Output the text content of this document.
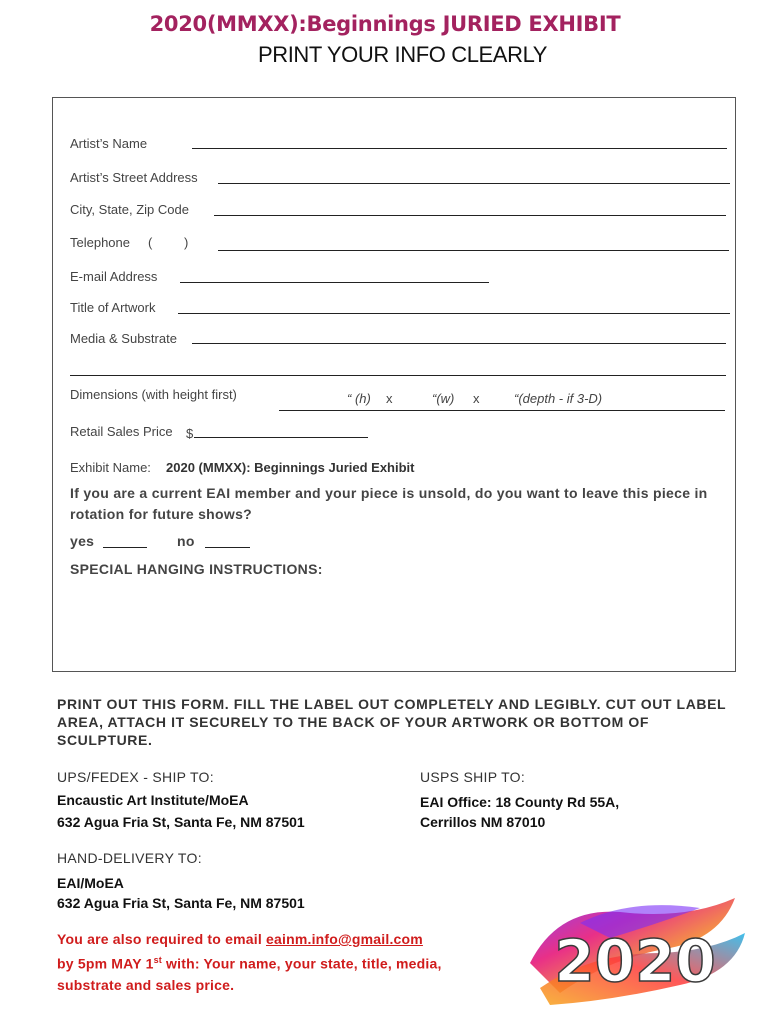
2020(MMXX):Beginnings JURIED EXHIBIT
PRINT YOUR INFO CLEARLY
Artist’s Name
Artist’s Street Address
City, State, Zip Code
Telephone ( )
E-mail Address
Title of Artwork
Media & Substrate
Dimensions (with height first)	“ (h) x	“(w) x	“(depth - if 3-D)
Retail Sales Price $
Exhibit Name: 2020 (MMXX): Beginnings Juried Exhibit
If you are a current EAI member and your piece is unsold, do you want to leave this piece in rotation for future shows?
yes	no
SPECIAL HANGING INSTRUCTIONS:
PRINT OUT THIS FORM. FILL THE LABEL OUT COMPLETELY AND LEGIBLY. CUT OUT LABEL AREA, ATTACH IT SECURELY TO THE BACK OF YOUR ARTWORK OR BOTTOM OF SCULPTURE.
UPS/FEDEX - SHIP TO:
Encaustic Art Institute/MoEA
632 Agua Fria St, Santa Fe, NM 87501
USPS SHIP TO:
EAI Office: 18 County Rd 55A,
Cerrillos NM 87010
HAND-DELIVERY TO:
EAI/MoEA
632 Agua Fria St, Santa Fe, NM 87501
You are also required to email eainm.info@gmail.com
by 5pm MAY 1st with: Your name, your state, title, media,
substrate and sales price.	2020
